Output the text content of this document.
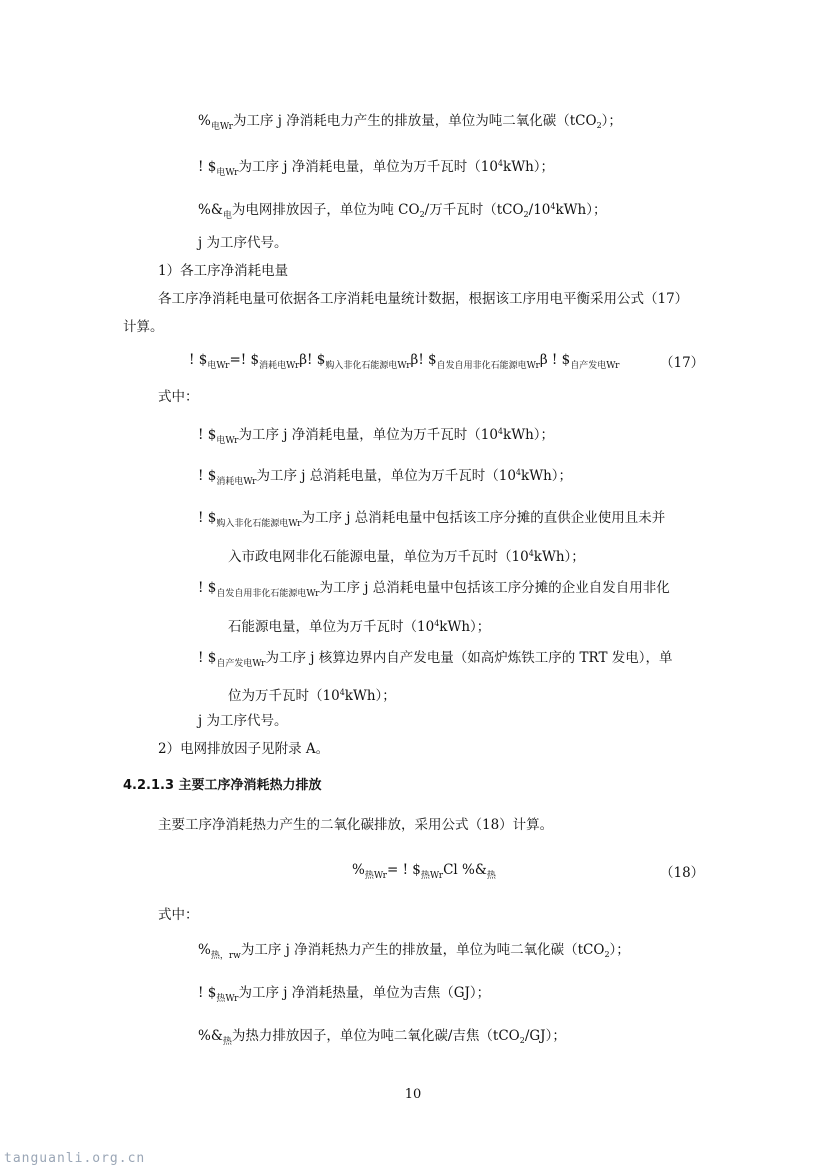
$\%_{电Wr}$为工序 j 净消耗电力产生的排放量，单位为吨二氧化碳（tCO$_2$）；
! $\$_{电Wr}$为工序 j 净消耗电量，单位为万千瓦时$(10^4kWh)$；
$\%\&_电$为电网排放因子，单位为吨 $CO_2/$万千瓦时$(tCO_2/10^4kWh)$；
j 为工序代号。
1）各工序净消耗电量
各工序净消耗电量可依据各工序消耗电量统计数据，根据该工序用电平衡采用公式（17）
计算。
! $\$_{电Wr}=$! $\$_{消耗电Wr}\beta$! $\$_{购入非化石能源电Wr}\beta$! $\$_{自发自用非化石能源电Wr}\beta$ ! $\$_{自产发电Wr}$	（17）
式中：
! $\$_{电Wr}$为工序 j 净消耗电量，单位为万千瓦时$(10^4kWh)$；
! $\$_{消耗电Wr}$为工序 j 总消耗电量，单位为万千瓦时$(10^4kWh)$；
! $\$_{购入非化石能源电Wr}$为工序 j 总消耗电量中包括该工序分摊的直供企业使用且未并
入市政电网非化石能源电量，单位为万千瓦时$(10^4kWh)$；
! $\$_{自发自用非化石能源电Wr}$为工序 j 总消耗电量中包括该工序分摊的企业自发自用非化
石能源电量，单位为万千瓦时$(10^4kWh)$；
! $\$_{自产发电Wr}$为工序 j 核算边界内自产发电量（如高炉炼铁工序的 TRT 发电），单
位为万千瓦时$(10^4kWh)$；
j 为工序代号。
2）电网排放因子见附录 A。
4.2.1.3 主要工序净消耗热力排放
主要工序净消耗热力产生的二氧化碳排放，采用公式（18）计算。
$\%_{热Wr}=$ ! $\$_{热Wr}Cl$ $\%\&_热$	（18）
式中：
$\%_{热,rw}$为工序 j 净消耗热力产生的排放量，单位为吨二氧化碳（tCO$_2$）；
! $\$_{热Wr}$为工序 j 净消耗热量，单位为吉焦（GJ）；
$\%\&_热$为热力排放因子，单位为吨二氧化碳/吉焦（tCO$_2$/GJ）；
10
tanguanli.org.cn
